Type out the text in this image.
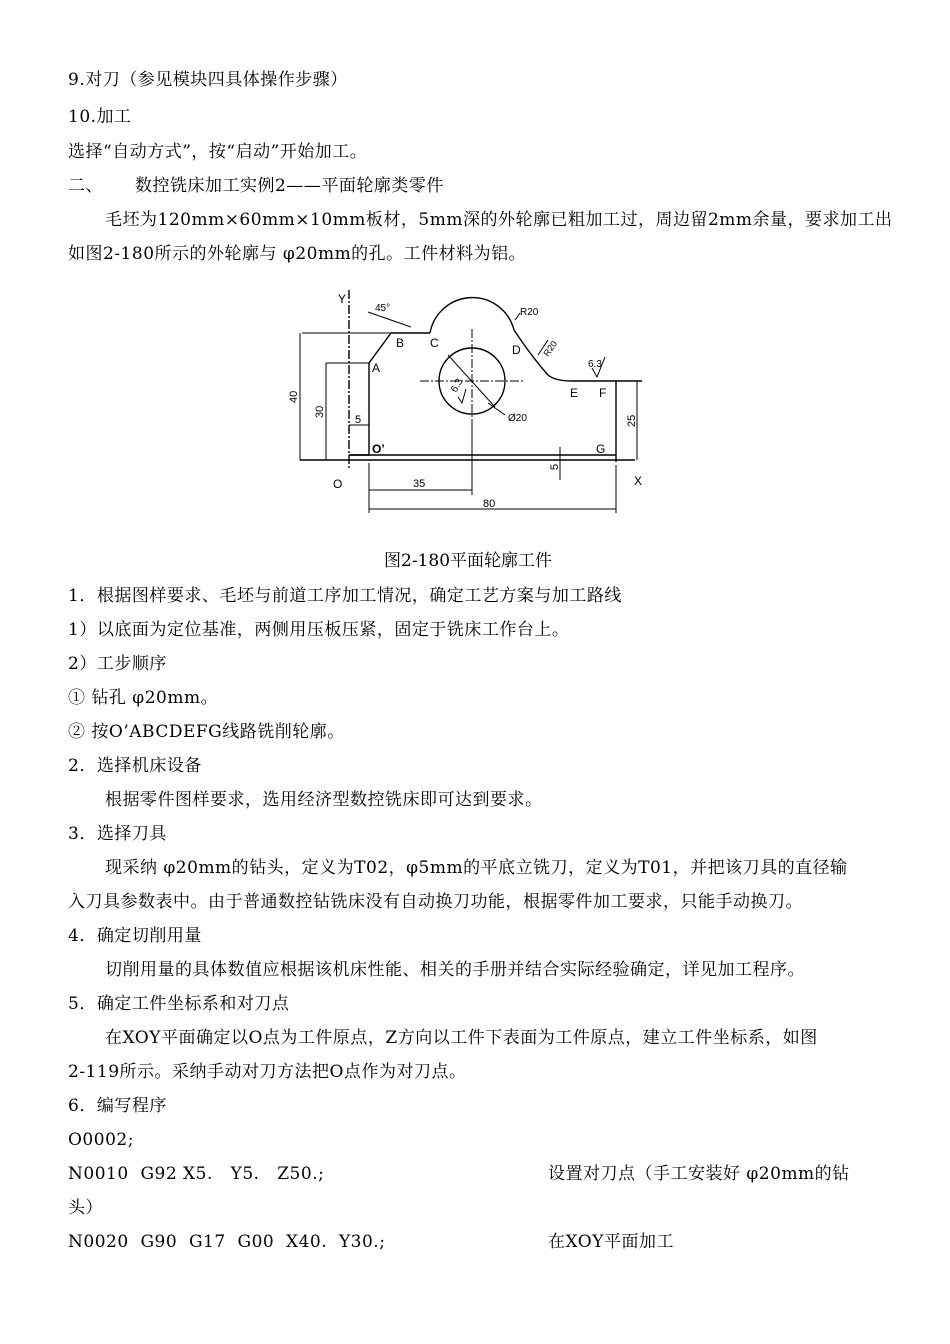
9.对刀（参见模块四具体操作步骤）
10.加工
选择“自动方式”，按“启动”开始加工。
二、 数控铣床加工实例2——平面轮廓类零件
毛坯为120mm×60mm×10mm板材，5mm深的外轮廓已粗加工过，周边留2mm余量，要求加工出
如图2-180所示的外轮廓与 φ20mm的孔。工件材料为铝。
Y
X
O
O’
A
B C	D
E F
G
45°	R20
R20
6.3
6.3
Ø20
40
30
5
35
80
25
5
图2-180平面轮廓工件
1．根据图样要求、毛坯与前道工序加工情况，确定工艺方案与加工路线
1）以底面为定位基准，两侧用压板压紧，固定于铣床工作台上。
2）工步顺序
① 钻孔 φ20mm。
② 按O’ABCDEFG线路铣削轮廓。
2．选择机床设备
根据零件图样要求，选用经济型数控铣床即可达到要求。
3．选择刀具
现采纳 φ20mm的钻头，定义为T02，φ5mm的平底立铣刀，定义为T01，并把该刀具的直径输
入刀具参数表中。由于普通数控钻铣床没有自动换刀功能，根据零件加工要求，只能手动换刀。
4．确定切削用量
切削用量的具体数值应根据该机床性能、相关的手册并结合实际经验确定，详见加工程序。
5．确定工件坐标系和对刀点
在XOY平面确定以O点为工件原点，Z方向以工件下表面为工件原点，建立工件坐标系，如图
2-119所示。采纳手动对刀方法把O点作为对刀点。
6．编写程序
O0002;
N0010  G92 X5.   Y5.   Z50.;	设置对刀点（手工安装好 φ20mm的钻
头）
N0020  G90  G17  G00  X40.  Y30.;	在XOY平面加工
